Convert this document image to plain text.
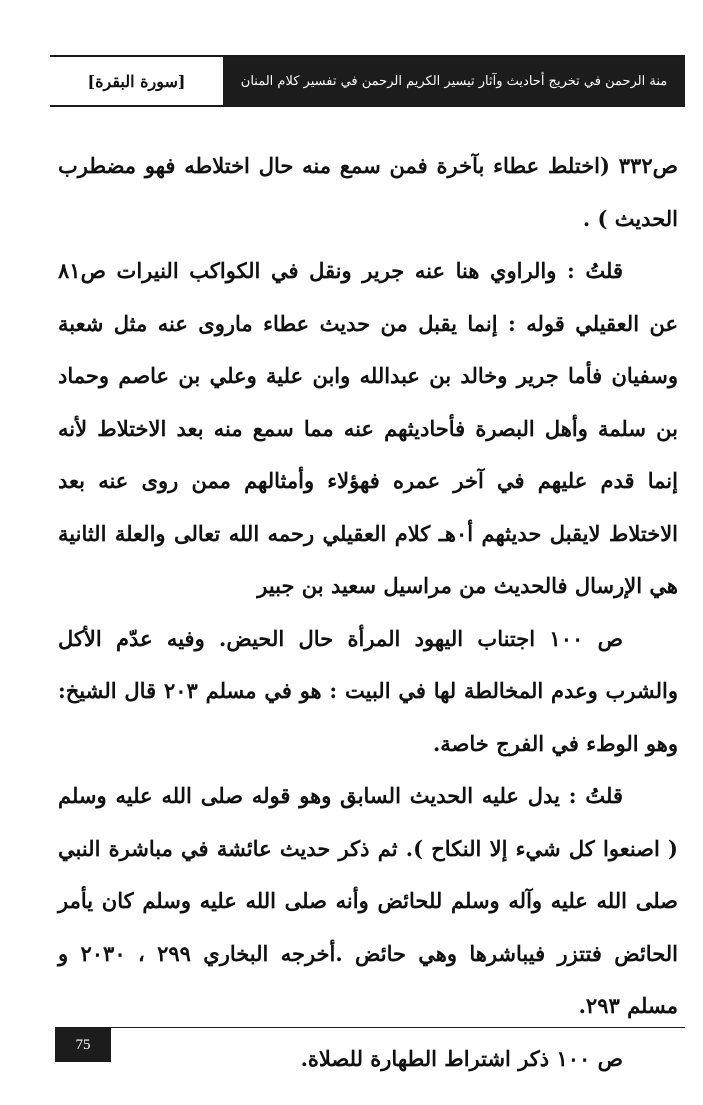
منة الرحمن في تخريج أحاديث وآثار تيسير الكريم الرحمن في تفسير كلام المنان
[سورة البقرة]

ص٣٣٢ (اختلط عطاء بآخرة فمن سمع منه حال اختلاطه فهو مضطرب الحديث ) .

قلتُ : والراوي هنا عنه جرير ونقل في الكواكب النيرات ص٨١ عن العقيلي قوله : إنما يقبل من حديث عطاء ماروى عنه مثل شعبة وسفيان فأما جرير وخالد بن عبدالله وابن علية وعلي بن عاصم وحماد بن سلمة وأهل البصرة فأحاديثهم عنه مما سمع منه بعد الاختلاط لأنه إنما قدم عليهم في آخر عمره فهؤلاء وأمثالهم ممن روى عنه بعد الاختلاط لايقبل حديثهم أ٠هـ كلام العقيلي رحمه الله تعالى والعلة الثانية هي الإرسال فالحديث من مراسيل سعيد بن جبير

ص ١٠٠ اجتناب اليهود المرأة حال الحيض. وفيه عدّم الأكل والشرب وعدم المخالطة لها في البيت : هو في مسلم ٢٠٣ قال الشيخ: وهو الوطء في الفرج خاصة.

قلتُ : يدل عليه الحديث السابق وهو قوله صلى الله عليه وسلم ( اصنعوا كل شيء إلا النكاح ). ثم ذكر حديث عائشة في مباشرة النبي صلى الله عليه وآله وسلم للحائض وأنه صلى الله عليه وسلم كان يأمر الحائض فتتزر فيباشرها وهي حائض .أخرجه البخاري ٢٩٩ ، ٢٠٣٠ و مسلم ٢٩٣.

ص ١٠٠ ذكر اشتراط الطهارة للصلاة.

75
